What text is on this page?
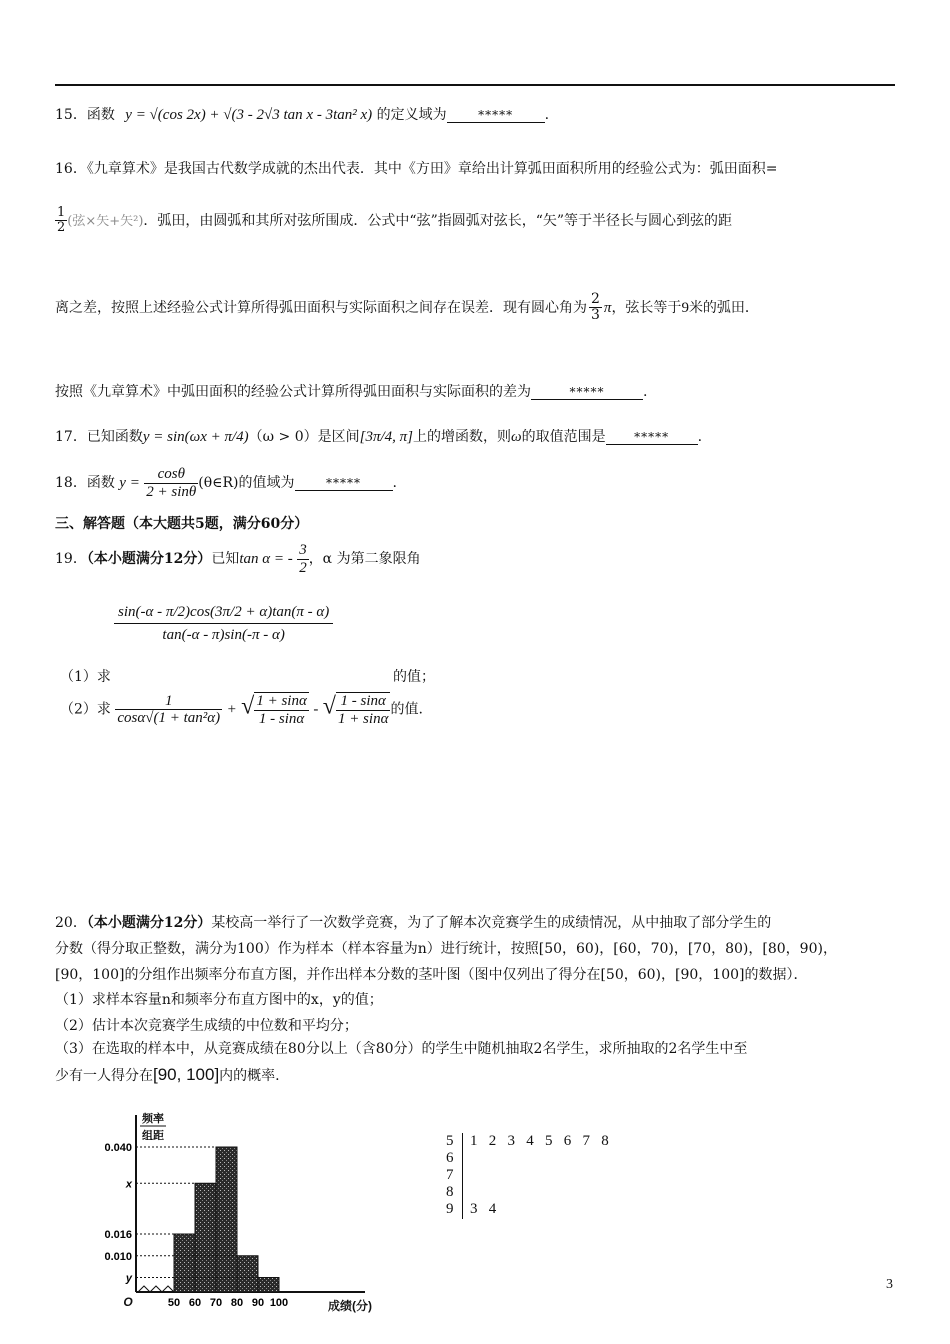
15．函数 y = √(cos 2x) + √(3 - 2√3 tan x - 3tan² x) 的定义域为	***** .
16．《九章算术》是我国古代数学成就的杰出代表．其中《方田》章给出计算弧田面积所用的经验公式为：弧田面积=
$\frac{1}{2}$ (弦×矢+矢²)．弧田，由圆弧和其所对弦所围成．公式中“弦”指圆弧对弦长，“矢”等于半径长与圆心到弦的距
离之差，按照上述经验公式计算所得弧田面积与实际面积之间存在误差．现有圆心角为 $\frac{2}{3}$ π，弦长等于9米的弧田．
按照《九章算术》中弧田面积的经验公式计算所得弧田面积与实际面积的差为	*****	.
17．已知函数y = sin(ωx + π/4)（ω > 0）是区间[3π/4, π]上的增函数，则ω的取值范围是 ***** .
18．函数 $y = \frac{\cos\theta}{2 + \sin\theta}$ (θ∈R)的值域为	***** .
三、解答题（本大题共5题，满分60分）
19．（本小题满分12分）已知tan α = - $\frac{3}{2}$ ，α 为第二象限角
$\frac{\sin(-\alpha - \pi/2)\cos(3\pi/2 + \alpha)\tan(\pi - \alpha)}{\tan(-\alpha - \pi)\sin(-\pi - \alpha)}$
（1）求	的值；
（2）求 $\frac{1}{\text{cosα√(1 + tan²α)}}$ + √ $\frac{1 + \sin\alpha}{1 - \sin\alpha}$ - √ $\frac{1 - \sin\alpha}{1 + \sin\alpha}$ 的值.
20．（本小题满分12分）某校高一举行了一次数学竞赛，为了了解本次竞赛学生的成绩情况，从中抽取了部分学生的
分数（得分取正整数，满分为100）作为样本（样本容量为n）进行统计，按照[50，60)，[60，70)，[70，80)，[80，90)，
[90，100]的分组作出频率分布直方图，并作出样本分数的茎叶图（图中仅列出了得分在[50，60)，[90，100]的数据）．
（1）求样本容量n和频率分布直方图中的x，y的值；
（2）估计本次竞赛学生成绩的中位数和平均分；
（3）在选取的样本中，从竞赛成绩在80分以上（含80分）的学生中随机抽取2名学生，求所抽取的2名学生中至
少有一人得分在[90, 100]内的概率.
频率
组距
O	成绩(分)
0.040
x
0.016
0.010
y
50 60 70 80 90 100
5 1   2   3   4   5   6   7   8
6
7
8
9 3   4
3
